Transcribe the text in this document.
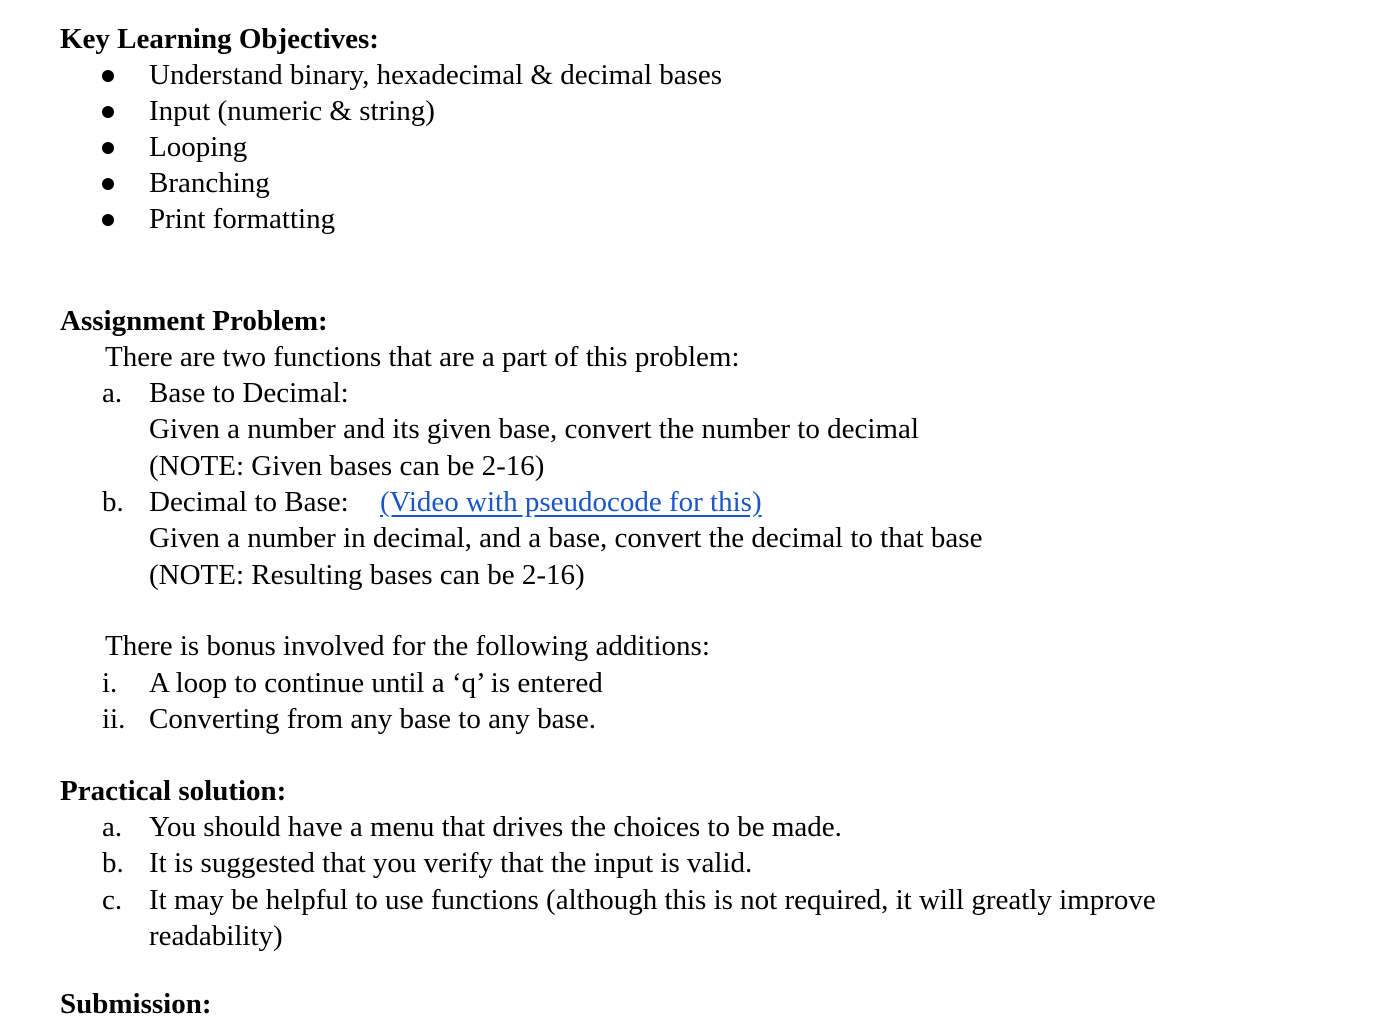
Key Learning Objectives:
Understand binary, hexadecimal & decimal bases
Input (numeric & string)
Looping
Branching
Print formatting
Assignment Problem:
There are two functions that are a part of this problem:
a. Base to Decimal:
Given a number and its given base, convert the number to decimal
(NOTE: Given bases can be 2-16)
b. Decimal to Base: (Video with pseudocode for this)
Given a number in decimal, and a base, convert the decimal to that base
(NOTE: Resulting bases can be 2-16)
There is bonus involved for the following additions:
i. A loop to continue until a ‘q’ is entered
ii. Converting from any base to any base.
Practical solution:
a. You should have a menu that drives the choices to be made.
b. It is suggested that you verify that the input is valid.
c. It may be helpful to use functions (although this is not required, it will greatly improve
readability)
Submission:
